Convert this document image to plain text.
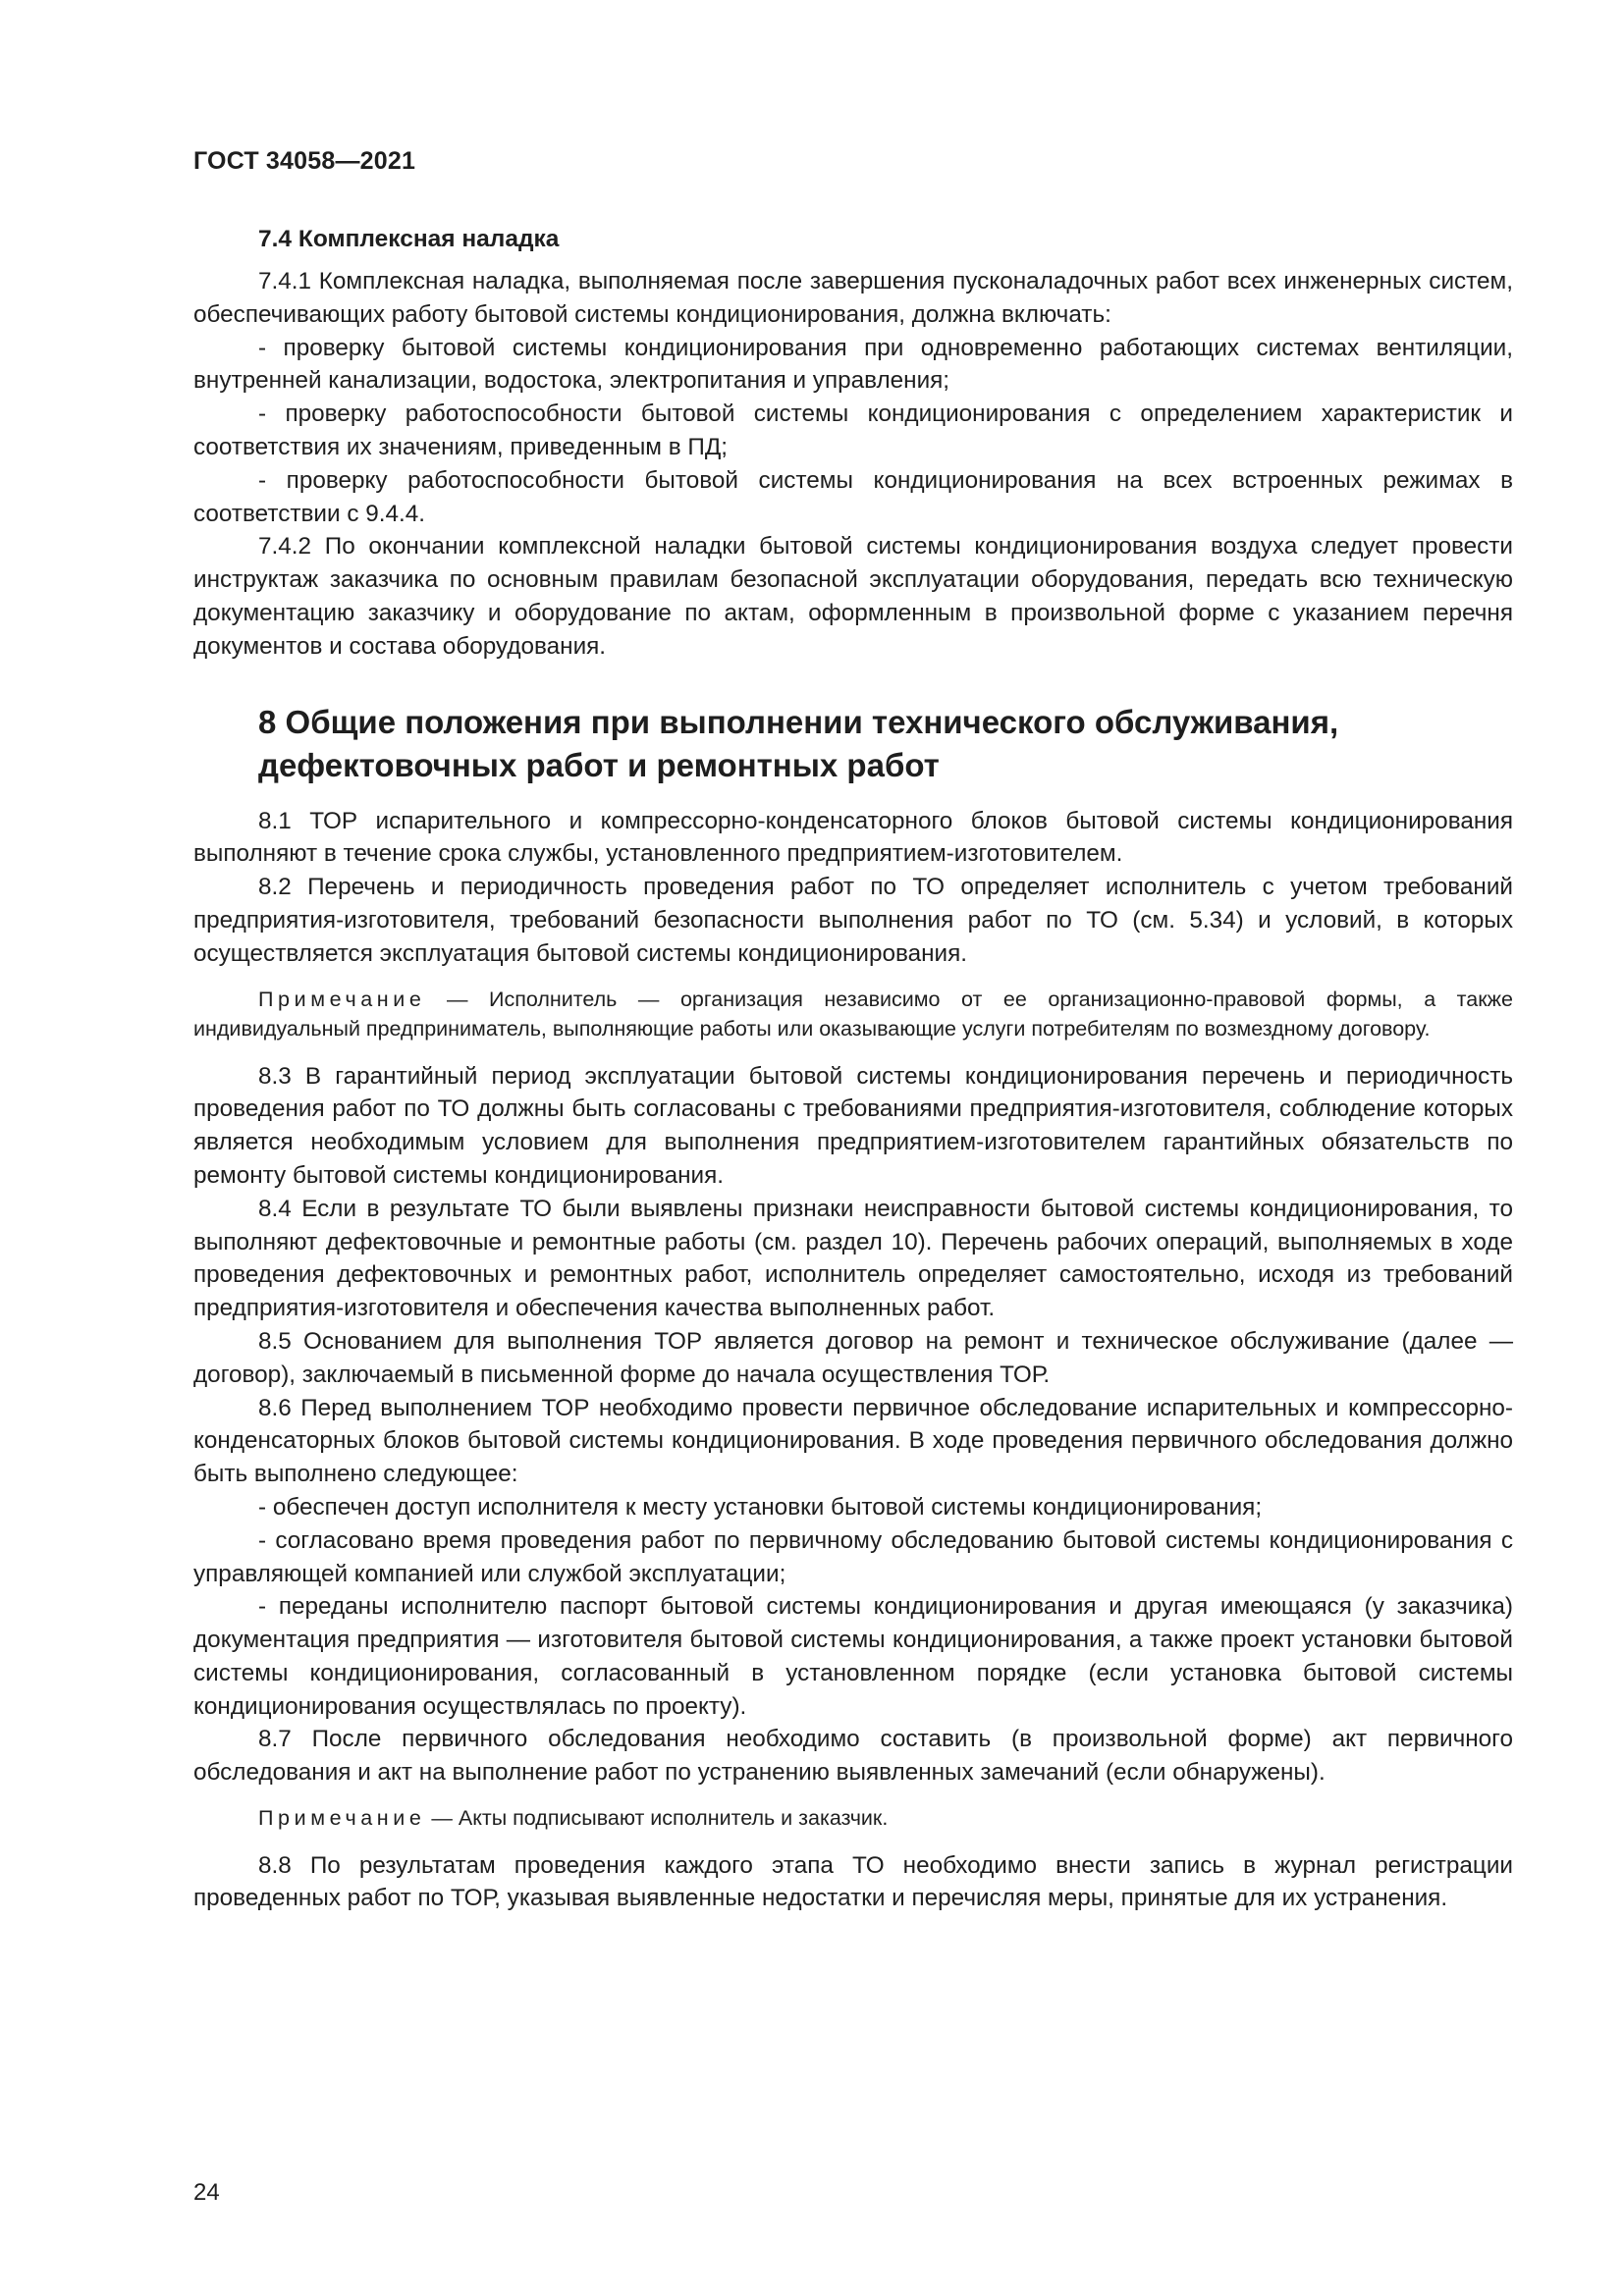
ГОСТ 34058—2021
7.4 Комплексная наладка

7.4.1 Комплексная наладка, выполняемая после завершения пусконаладочных работ всех инженерных систем, обеспечивающих работу бытовой системы кондиционирования, должна включать:

- проверку бытовой системы кондиционирования при одновременно работающих системах вентиляции, внутренней канализации, водостока, электропитания и управления;

- проверку работоспособности бытовой системы кондиционирования с определением характеристик и соответствия их значениям, приведенным в ПД;

- проверку работоспособности бытовой системы кондиционирования на всех встроенных режимах в соответствии с 9.4.4.

7.4.2 По окончании комплексной наладки бытовой системы кондиционирования воздуха следует провести инструктаж заказчика по основным правилам безопасной эксплуатации оборудования, передать всю техническую документацию заказчику и оборудование по актам, оформленным в произвольной форме с указанием перечня документов и состава оборудования.

8 Общие положения при выполнении технического обслуживания,
дефектовочных работ и ремонтных работ

8.1 ТОР испарительного и компрессорно-конденсаторного блоков бытовой системы кондиционирования выполняют в течение срока службы, установленного предприятием-изготовителем.

8.2 Перечень и периодичность проведения работ по ТО определяет исполнитель с учетом требований предприятия-изготовителя, требований безопасности выполнения работ по ТО (см. 5.34) и условий, в которых осуществляется эксплуатация бытовой системы кондиционирования.

Примечание — Исполнитель — организация независимо от ее организационно-правовой формы, а также индивидуальный предприниматель, выполняющие работы или оказывающие услуги потребителям по возмездному договору.

8.3 В гарантийный период эксплуатации бытовой системы кондиционирования перечень и периодичность проведения работ по ТО должны быть согласованы с требованиями предприятия-изготовителя, соблюдение которых является необходимым условием для выполнения предприятием-изготовителем гарантийных обязательств по ремонту бытовой системы кондиционирования.

8.4 Если в результате ТО были выявлены признаки неисправности бытовой системы кондиционирования, то выполняют дефектовочные и ремонтные работы (см. раздел 10). Перечень рабочих операций, выполняемых в ходе проведения дефектовочных и ремонтных работ, исполнитель определяет самостоятельно, исходя из требований предприятия-изготовителя и обеспечения качества выполненных работ.

8.5 Основанием для выполнения ТОР является договор на ремонт и техническое обслуживание (далее — договор), заключаемый в письменной форме до начала осуществления ТОР.

8.6 Перед выполнением ТОР необходимо провести первичное обследование испарительных и компрессорно-конденсаторных блоков бытовой системы кондиционирования. В ходе проведения первичного обследования должно быть выполнено следующее:

- обеспечен доступ исполнителя к месту установки бытовой системы кондиционирования;

- согласовано время проведения работ по первичному обследованию бытовой системы кондиционирования с управляющей компанией или службой эксплуатации;

- переданы исполнителю паспорт бытовой системы кондиционирования и другая имеющаяся (у заказчика) документация предприятия — изготовителя бытовой системы кондиционирования, а также проект установки бытовой системы кондиционирования, согласованный в установленном порядке (если установка бытовой системы кондиционирования осуществлялась по проекту).

8.7 После первичного обследования необходимо составить (в произвольной форме) акт первичного обследования и акт на выполнение работ по устранению выявленных замечаний (если обнаружены).

Примечание — Акты подписывают исполнитель и заказчик.

8.8 По результатам проведения каждого этапа ТО необходимо внести запись в журнал регистрации проведенных работ по ТОР, указывая выявленные недостатки и перечисляя меры, принятые для их устранения.

24
